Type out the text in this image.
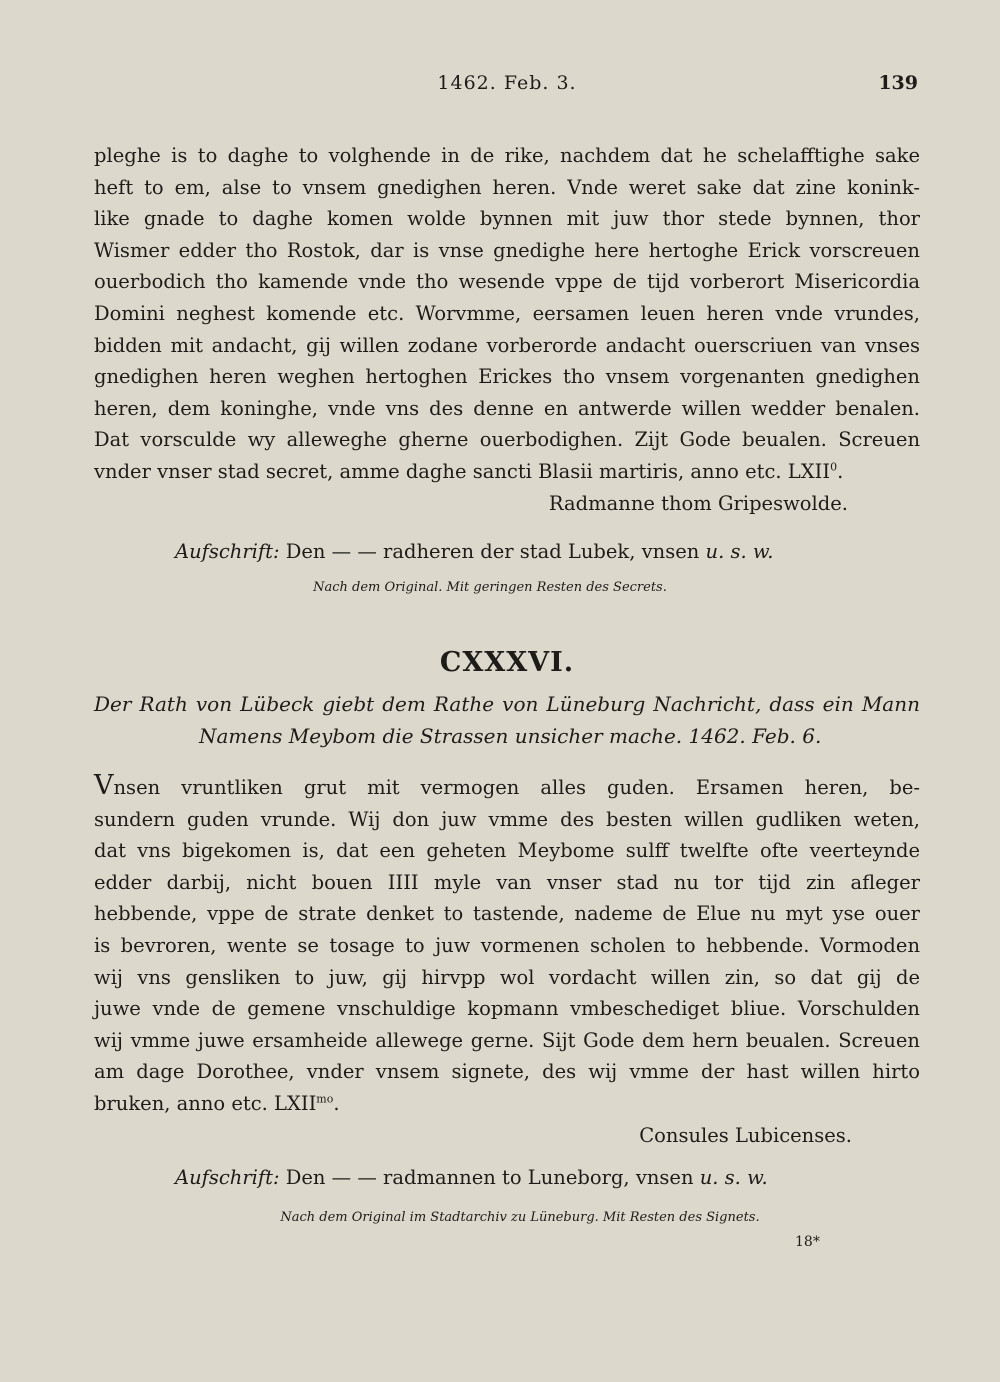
1462. Feb. 3.	139
pleghe is to daghe to volghende in de rike, nachdem dat he schelafftighe sake
heft to em, alse to vnsem gnedighen heren. Vnde weret sake dat zine konink-
like gnade to daghe komen wolde bynnen mit juw thor stede bynnen, thor
Wismer edder tho Rostok, dar is vnse gnedighe here hertoghe Erick vorscreuen
ouerbodich tho kamende vnde tho wesende vppe de tijd vorberort Misericordia
Domini neghest komende etc. Worvmme, eersamen leuen heren vnde vrundes,
bidden mit andacht, gij willen zodane vorberorde andacht ouerscriuen van vnses
gnedighen heren weghen hertoghen Erickes tho vnsem vorgenanten gnedighen
heren, dem koninghe, vnde vns des denne en antwerde willen wedder benalen.
Dat vorsculde wy alleweghe gherne ouerbodighen. Zijt Gode beualen. Screuen
vnder vnser stad secret, amme daghe sancti Blasii martiris, anno etc. LXII$^0$.
Radmanne thom Gripeswolde.
Aufschrift: Den — — radheren der stad Lubek, vnsen u. s. w.
Nach dem Original. Mit geringen Resten des Secrets.
CXXXVI.
Der Rath von Lübeck giebt dem Rathe von Lüneburg Nachricht, dass ein Mann
Namens Meybom die Strassen unsicher mache. 1462. Feb. 6.
Vnsen vruntliken grut mit vermogen alles guden. Ersamen heren, be-
sundern guden vrunde. Wij don juw vmme des besten willen gudliken weten,
dat vns bigekomen is, dat een geheten Meybome sulff twelfte ofte veerteynde
edder darbij, nicht bouen IIII myle van vnser stad nu tor tijd zin afleger
hebbende, vppe de strate denket to tastende, nademe de Elue nu myt yse ouer
is bevroren, wente se tosage to juw vormenen scholen to hebbende. Vormoden
wij vns gensliken to juw, gij hirvpp wol vordacht willen zin, so dat gij de
juwe vnde de gemene vnschuldige kopmann vmbeschediget bliue. Vorschulden
wij vmme juwe ersamheide allewege gerne. Sijt Gode dem hern beualen. Screuen
am dage Dorothee, vnder vnsem signete, des wij vmme der hast willen hirto
bruken, anno etc. $LXII^{mo}$.
Consules Lubicenses.
Aufschrift: Den — — radmannen to Luneborg, vnsen u. s. w.
Nach dem Original im Stadtarchiv zu Lüneburg. Mit Resten des Signets.
18*
